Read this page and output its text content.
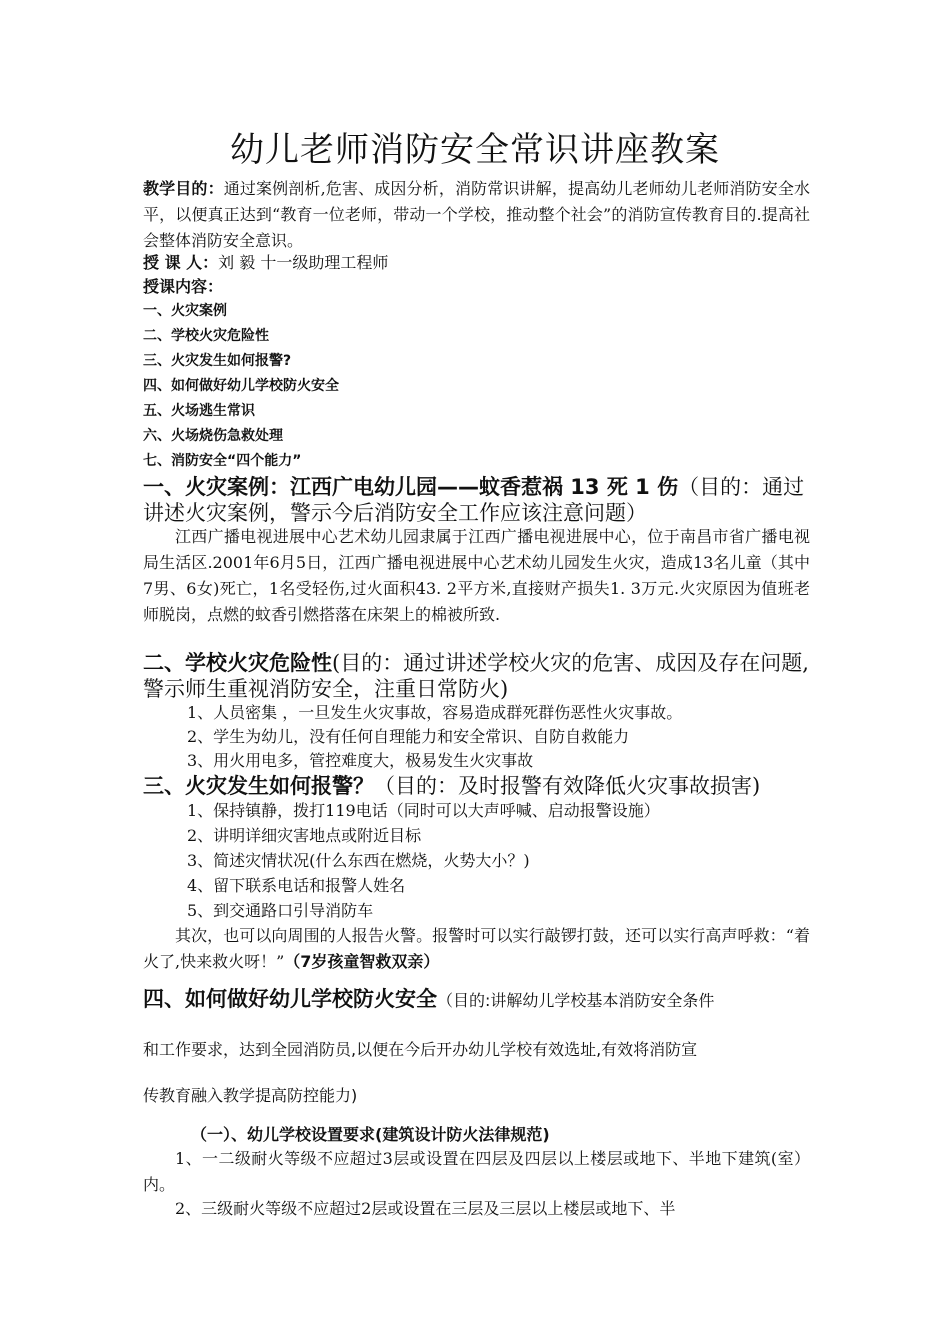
幼儿老师消防安全常识讲座教案
教学目的：通过案例剖析,危害、成因分析，消防常识讲解，提高幼儿老师幼儿老师消防安全水平，以便真正达到“教育一位老师，带动一个学校，推动整个社会”的消防宣传教育目的.提高社会整体消防安全意识。
授 课 人：刘 毅 十一级助理工程师
授课内容：
一、火灾案例
二、学校火灾危险性
三、火灾发生如何报警?
四、如何做好幼儿学校防火安全
五、火场逃生常识
六、火场烧伤急救处理
七、消防安全“四个能力”
一、火灾案例：江西广电幼儿园——蚊香惹祸 13 死 1 伤（目的：通过讲述火灾案例，警示今后消防安全工作应该注意问题）
江西广播电视进展中心艺术幼儿园隶属于江西广播电视进展中心，位于南昌市省广播电视局生活区.2001年6月5日，江西广播电视进展中心艺术幼儿园发生火灾，造成13名儿童（其中7男、6女)死亡，1名受轻伤,过火面积43. 2平方米,直接财产损失1. 3万元.火灾原因为值班老师脱岗，点燃的蚊香引燃搭落在床架上的棉被所致.
二、学校火灾危险性(目的：通过讲述学校火灾的危害、成因及存在问题,警示师生重视消防安全，注重日常防火)
1、人员密集 ，一旦发生火灾事故，容易造成群死群伤恶性火灾事故。
2、学生为幼儿，没有任何自理能力和安全常识、自防自救能力
3、用火用电多，管控难度大，极易发生火灾事故
三、火灾发生如何报警？（目的：及时报警有效降低火灾事故损害)
1、保持镇静，拨打119电话（同时可以大声呼喊、启动报警设施）
2、讲明详细灾害地点或附近目标
3、简述灾情状况(什么东西在燃烧，火势大小？)
4、留下联系电话和报警人姓名
5、到交通路口引导消防车
其次，也可以向周围的人报告火警。报警时可以实行敲锣打鼓，还可以实行高声呼救：“着火了,快来救火呀！”（7岁孩童智救双亲）
四、如何做好幼儿学校防火安全（目的:讲解幼儿学校基本消防安全条件
和工作要求，达到全园消防员,以便在今后开办幼儿学校有效选址,有效将消防宣
传教育融入教学提高防控能力)
（一）、幼儿学校设置要求(建筑设计防火法律规范)
1、一二级耐火等级不应超过3层或设置在四层及四层以上楼层或地下、半地下建筑(室）内。
2、三级耐火等级不应超过2层或设置在三层及三层以上楼层或地下、半
